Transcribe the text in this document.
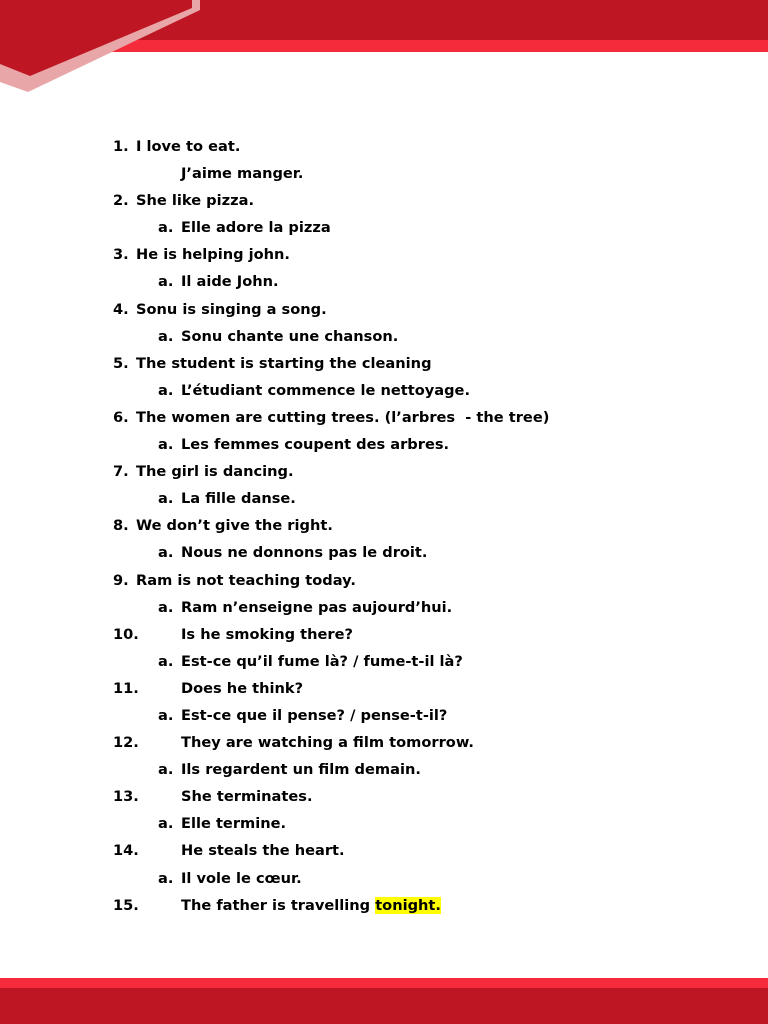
1. I love to eat.
J’aime manger.
2. She like pizza.
a. Elle adore la pizza
3. He is helping john.
a. Il aide John.
4. Sonu is singing a song.
a. Sonu chante une chanson.
5. The student is starting the cleaning
a. L’étudiant commence le nettoyage.
6. The women are cutting trees. (l’arbres  - the tree)
a. Les femmes coupent des arbres.
7. The girl is dancing.
a. La fille danse.
8. We don’t give the right.
a. Nous ne donnons pas le droit.
9. Ram is not teaching today.
a. Ram n’enseigne pas aujourd’hui.
10.	Is he smoking there?
a. Est-ce qu’il fume là? / fume-t-il là?
11.	Does he think?
a. Est-ce que il pense? / pense-t-il?
12.	They are watching a film tomorrow.
a. Ils regardent un film demain.
13.	She terminates.
a. Elle termine.
14.	He steals the heart.
a. Il vole le cœur.
15.	The father is travelling tonight.
